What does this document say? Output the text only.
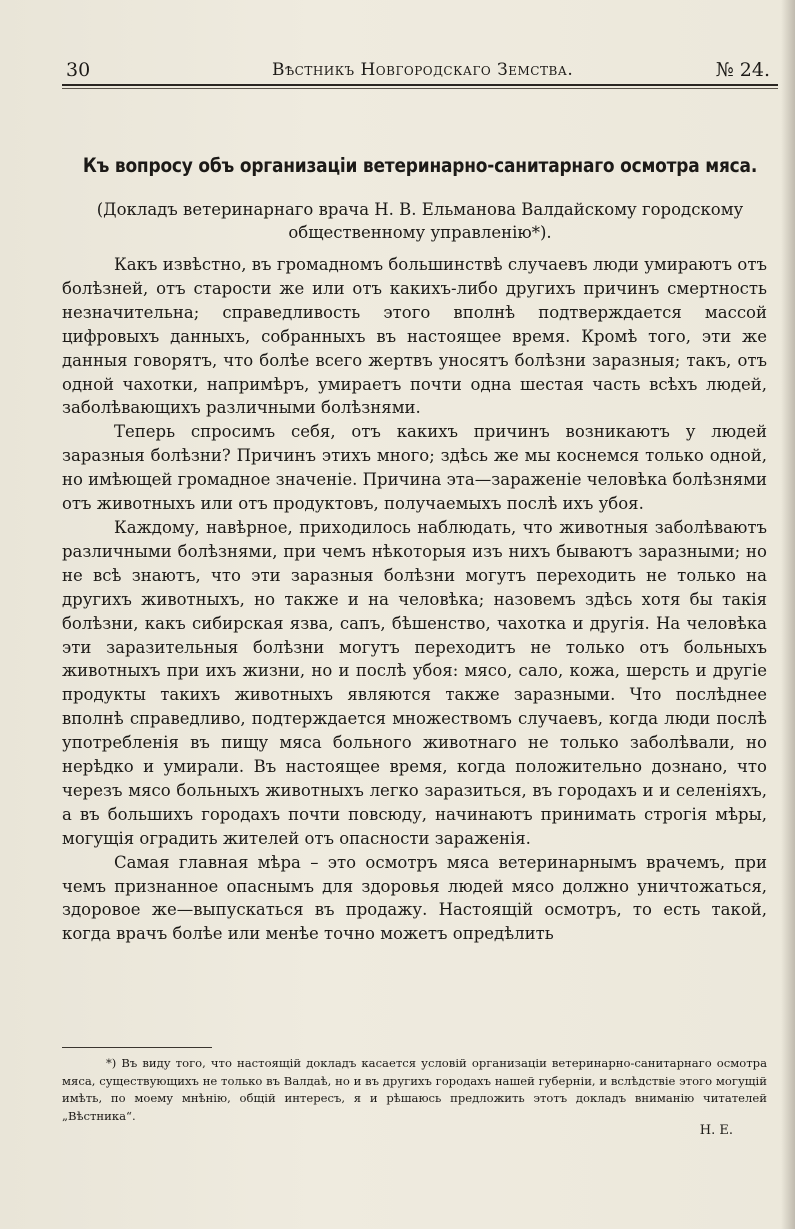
30	Вѣстникъ Новгородскаго Земства.	№ 24.
Къ вопросу объ организацiи ветеринарно-санитарнаго осмотра мяса.
(Докладъ ветеринарнаго врача Н. В. Ельманова Валдайскому городскому общественному управленiю*).

Какъ извѣстно, въ громадномъ большинствѣ случаевъ люди умираютъ отъ болѣзней, отъ старости же или отъ какихъ-либо другихъ причинъ смертность незначительна; справедливость этого вполнѣ подтверждается массой цифровыхъ данныхъ, собранныхъ въ настоящее время. Кромѣ того, эти же данныя говорятъ, что болѣе всего жертвъ уносятъ болѣзни заразныя; такъ, отъ одной чахотки, напримѣръ, умираетъ почти одна шестая часть всѣхъ людей, заболѣвающихъ различными болѣзнями.

Теперь спросимъ себя, отъ какихъ причинъ возникаютъ у людей заразныя болѣзни? Причинъ этихъ много; здѣсь же мы коснемся только одной, но имѣющей громадное значенiе. Причина эта—зараженiе человѣка болѣзнями отъ животныхъ или отъ продуктовъ, получаемыхъ послѣ ихъ убоя.

Каждому, навѣрное, приходилось наблюдать, что животныя заболѣваютъ различными болѣзнями, при чемъ нѣкоторыя изъ нихъ бываютъ заразными; но не всѣ знаютъ, что эти заразныя болѣзни могутъ переходить не только на другихъ животныхъ, но также и на человѣка; назовемъ здѣсь хотя бы такiя болѣзни, какъ сибирская язва, сапъ, бѣшенство, чахотка и другiя. На человѣка эти заразительныя болѣзни могутъ переходитъ не только отъ больныхъ животныхъ при ихъ жизни, но и послѣ убоя: мясо, сало, кожа, шерсть и другiе продукты такихъ животныхъ являются также заразными. Что послѣднее вполнѣ справедливо, подтерждается множествомъ случаевъ, когда люди послѣ употребленiя въ пищу мяса больного животнаго не только заболѣвали, но нерѣдко и умирали. Въ настоящее время, когда положительно дознано, что черезъ мясо больныхъ животныхъ легко заразиться, въ городахъ и и селенiяхъ, а въ большихъ городахъ почти повсюду, начинаютъ принимать строгiя мѣры, могущiя оградить жителей отъ опасности зараженiя.

Самая главная мѣра – это осмотръ мяса ветеринарнымъ врачемъ, при чемъ признанное опаснымъ для здоровья людей мясо должно уничтожаться, здоровое же—выпускаться въ продажу. Настоящiй осмотръ, то есть такой, когда врачъ болѣе или менѣе точно можетъ опредѣлить

*) Въ виду того, что настоящiй докладъ касается условiй организацiи ветеринарно-санитарнаго осмотра мяса, существующихъ не только въ Валдаѣ, но и въ другихъ городахъ нашей губернiи, и вслѣдствiе этого могущiй имѣть, по моему мнѣнiю, общiй интересъ, я и рѣшаюсь предложить этотъ докладъ вниманiю читателей „Вѣстника“.
Н. Е.
